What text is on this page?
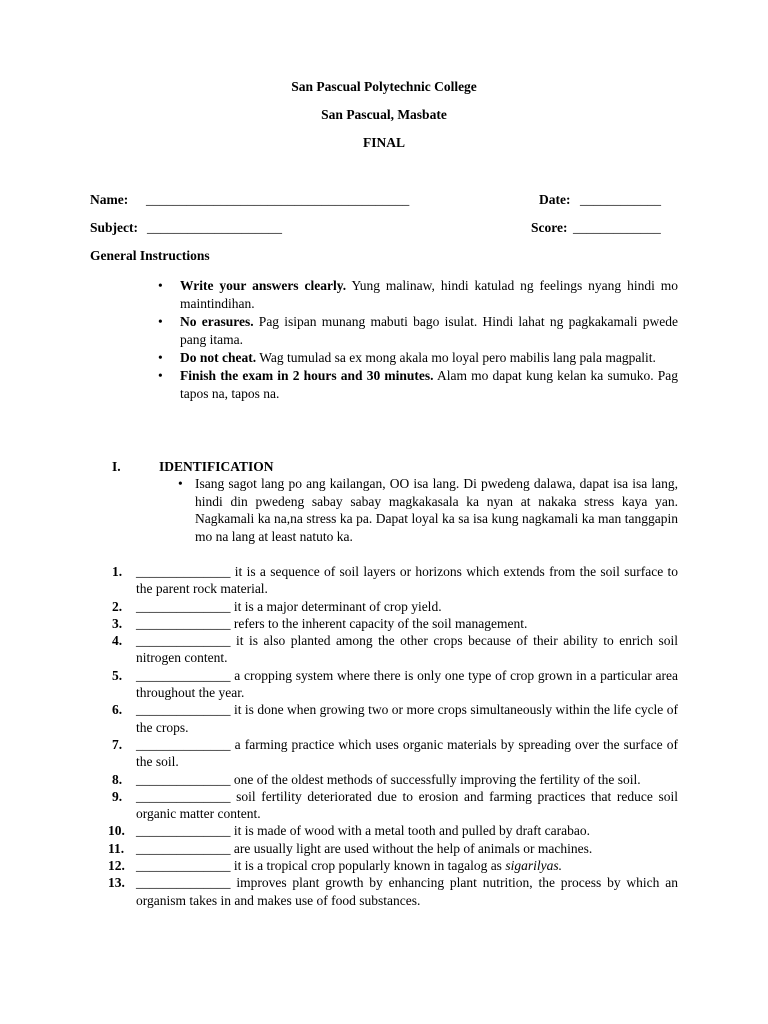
San Pascual Polytechnic College
San Pascual, Masbate
FINAL
Name: _______________________________________	Date: ____________
Subject: ____________________	Score: _____________
General Instructions
• Write your answers clearly. Yung malinaw, hindi katulad ng feelings nyang hindi mo maintindihan.
• No erasures. Pag isipan munang mabuti bago isulat. Hindi lahat ng pagkakamali pwede pang itama.
• Do not cheat. Wag tumulad sa ex mong akala mo loyal pero mabilis lang pala magpalit.
• Finish the exam in 2 hours and 30 minutes. Alam mo dapat kung kelan ka sumuko. Pag tapos na, tapos na.
I.	IDENTIFICATION
• Isang sagot lang po ang kailangan, OO isa lang. Di pwedeng dalawa, dapat isa isa lang, hindi din pwedeng sabay sabay magkakasala ka nyan at nakaka stress kaya yan. Nagkamali ka na,na stress ka pa. Dapat loyal ka sa isa kung nagkamali ka man tanggapin mo na lang at least natuto ka.
1. ______________ it is a sequence of soil layers or horizons which extends from the soil surface to the parent rock material.
2. ______________ it is a major determinant of crop yield.
3. ______________ refers to the inherent capacity of the soil management.
4. ______________ it is also planted among the other crops because of their ability to enrich soil nitrogen content.
5. ______________ a cropping system where there is only one type of crop grown in a particular area throughout the year.
6. ______________ it is done when growing two or more crops simultaneously within the life cycle of the crops.
7. ______________ a farming practice which uses organic materials by spreading over the surface of the soil.
8. ______________ one of the oldest methods of successfully improving the fertility of the soil.
9. ______________ soil fertility deteriorated due to erosion and farming practices that reduce soil organic matter content.
10. ______________ it is made of wood with a metal tooth and pulled by draft carabao.
11. ______________ are usually light are used without the help of animals or machines.
12. ______________ it is a tropical crop popularly known in tagalog as sigarilyas.
13. ______________ improves plant growth by enhancing plant nutrition, the process by which an organism takes in and makes use of food substances.
